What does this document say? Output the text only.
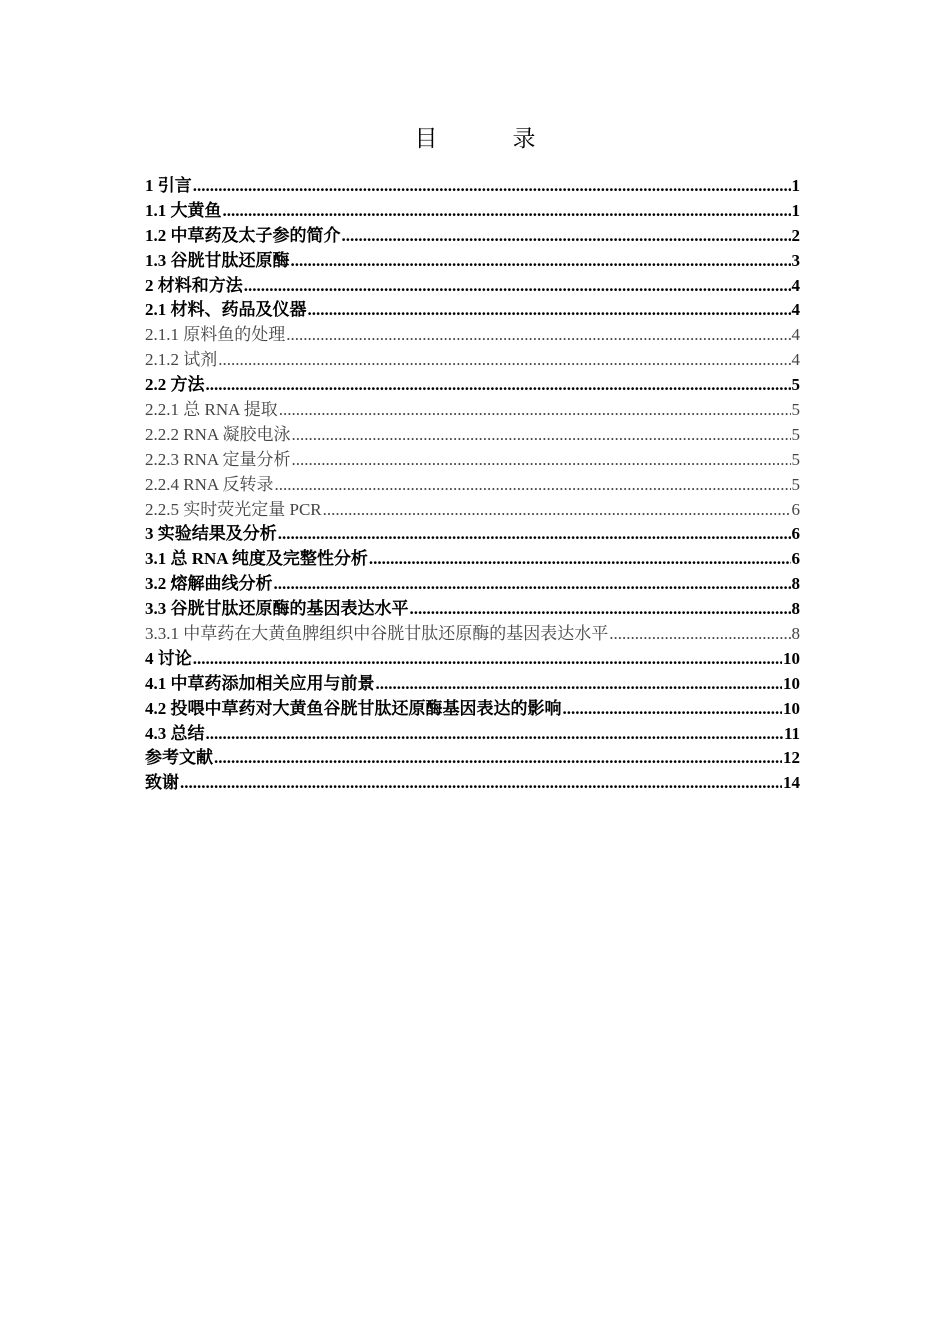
目　录
1 引言 .....	1
1.1 大黄鱼 .....	1
1.2 中草药及太子参的简介 .....	2
1.3 谷胱甘肽还原酶 .....	3
2 材料和方法 .....	4
2.1 材料、药品及仪器 .....	4
2.1.1 原料鱼的处理 .....	4
2.1.2 试剂 .....	4
2.2 方法 .....	5
2.2.1 总 RNA 提取 .....	5
2.2.2 RNA 凝胶电泳 .....	5
2.2.3 RNA 定量分析 .....	5
2.2.4 RNA 反转录 .....	5
2.2.5 实时荧光定量 PCR .....	6
3 实验结果及分析 .....	6
3.1 总 RNA 纯度及完整性分析 .....	6
3.2 熔解曲线分析 .....	8
3.3 谷胱甘肽还原酶的基因表达水平 .....	8
3.3.1 中草药在大黄鱼脾组织中谷胱甘肽还原酶的基因表达水平 .....	8
4 讨论 .....	10
4.1 中草药添加相关应用与前景 .....	10
4.2 投喂中草药对大黄鱼谷胱甘肽还原酶基因表达的影响 .....	10
4.3 总结 .....	11
参考文献 .....	12
致谢 .....	14
